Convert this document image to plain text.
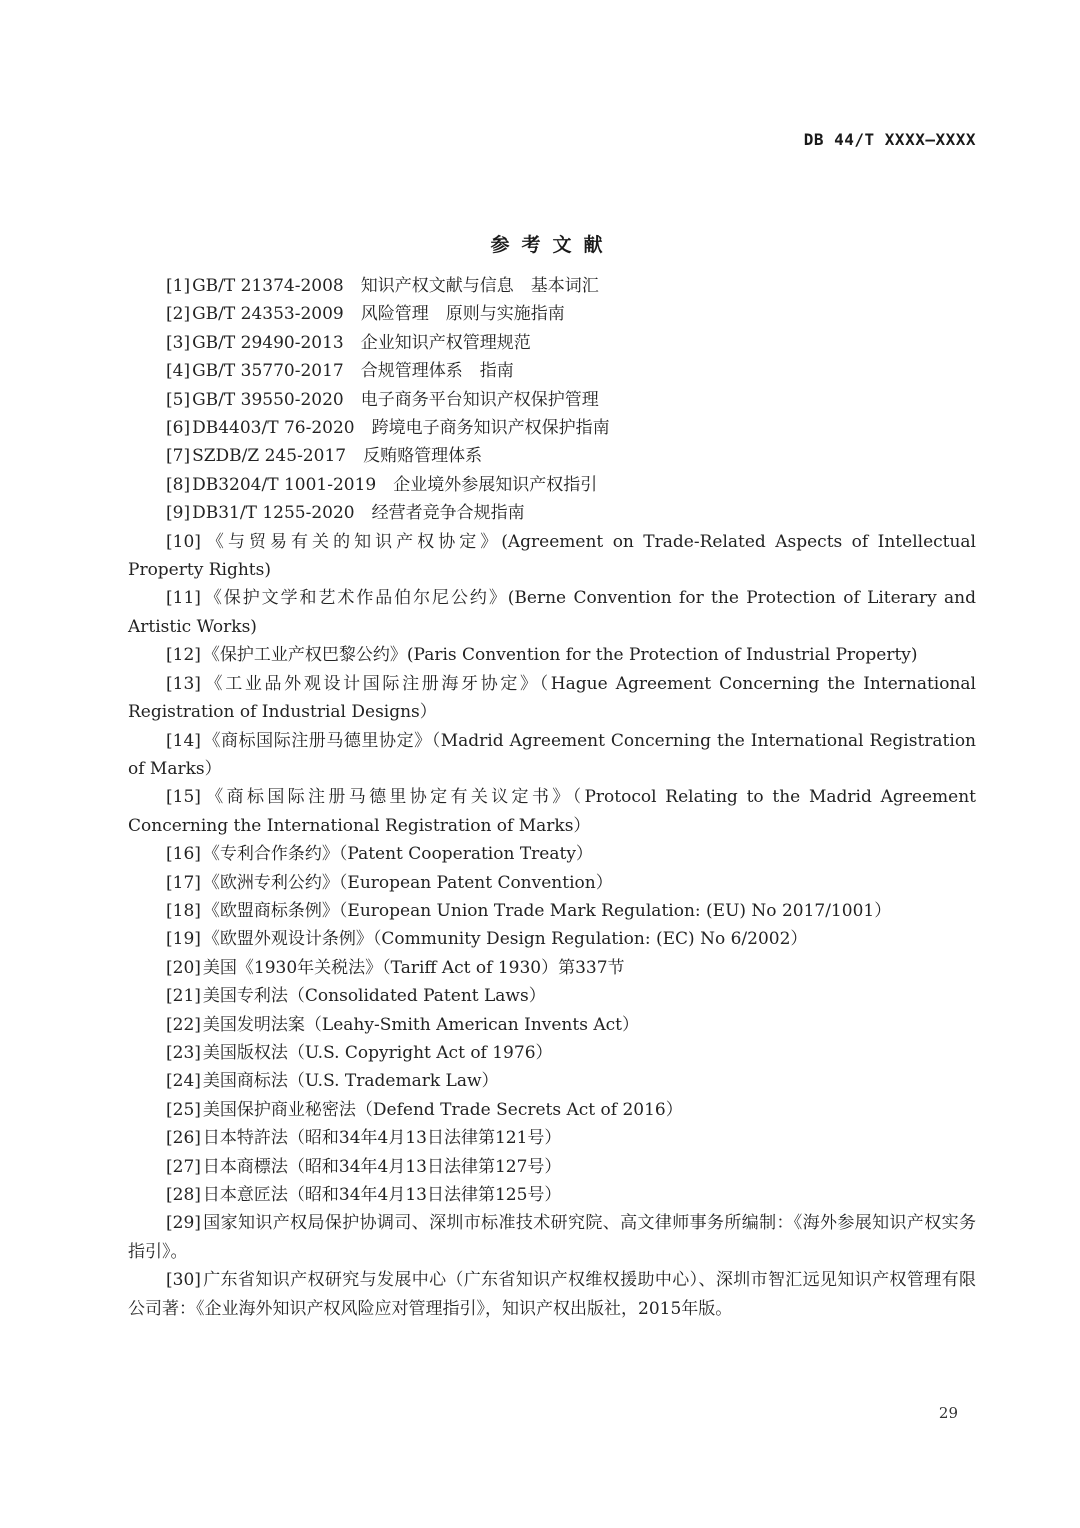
DB 44/T XXXX—XXXX
参考文献
[1] GB/T 21374-2008　知识产权文献与信息　基本词汇
[2] GB/T 24353-2009　风险管理　原则与实施指南
[3] GB/T 29490-2013　企业知识产权管理规范
[4] GB/T 35770-2017　合规管理体系　指南
[5] GB/T 39550-2020　电子商务平台知识产权保护管理
[6] DB4403/T 76-2020　跨境电子商务知识产权保护指南
[7] SZDB/Z 245-2017　反贿赂管理体系
[8] DB3204/T 1001-2019　企业境外参展知识产权指引
[9] DB31/T 1255-2020　经营者竞争合规指南
[10] 《与贸易有关的知识产权协定》(Agreement on Trade-Related Aspects of Intellectual Property Rights)
[11] 《保护文学和艺术作品伯尔尼公约》(Berne Convention for the Protection of Literary and Artistic Works)
[12] 《保护工业产权巴黎公约》(Paris Convention for the Protection of Industrial Property)
[13] 《工业品外观设计国际注册海牙协定》（Hague Agreement Concerning the International Registration of Industrial Designs）
[14] 《商标国际注册马德里协定》（Madrid Agreement Concerning the International Registration of Marks）
[15] 《商标国际注册马德里协定有关议定书》（Protocol Relating to the Madrid Agreement Concerning the International Registration of Marks）
[16] 《专利合作条约》（Patent Cooperation Treaty）
[17] 《欧洲专利公约》（European Patent Convention）
[18] 《欧盟商标条例》（European Union Trade Mark Regulation: (EU) No 2017/1001）
[19] 《欧盟外观设计条例》（Community Design Regulation: (EC) No 6/2002）
[20] 美国《1930年关税法》（Tariff Act of 1930）第337节
[21] 美国专利法（Consolidated Patent Laws）
[22] 美国发明法案（Leahy-Smith American Invents Act）
[23] 美国版权法（U.S. Copyright Act of 1976）
[24] 美国商标法（U.S. Trademark Law）
[25] 美国保护商业秘密法（Defend Trade Secrets Act of 2016）
[26] 日本特許法（昭和34年4月13日法律第121号）
[27] 日本商標法（昭和34年4月13日法律第127号）
[28] 日本意匠法（昭和34年4月13日法律第125号）
[29] 国家知识产权局保护协调司、深圳市标准技术研究院、高文律师事务所编制：《海外参展知识产权实务指引》。
[30] 广东省知识产权研究与发展中心（广东省知识产权维权援助中心）、深圳市智汇远见知识产权管理有限公司著：《企业海外知识产权风险应对管理指引》，知识产权出版社，2015年版。
29
